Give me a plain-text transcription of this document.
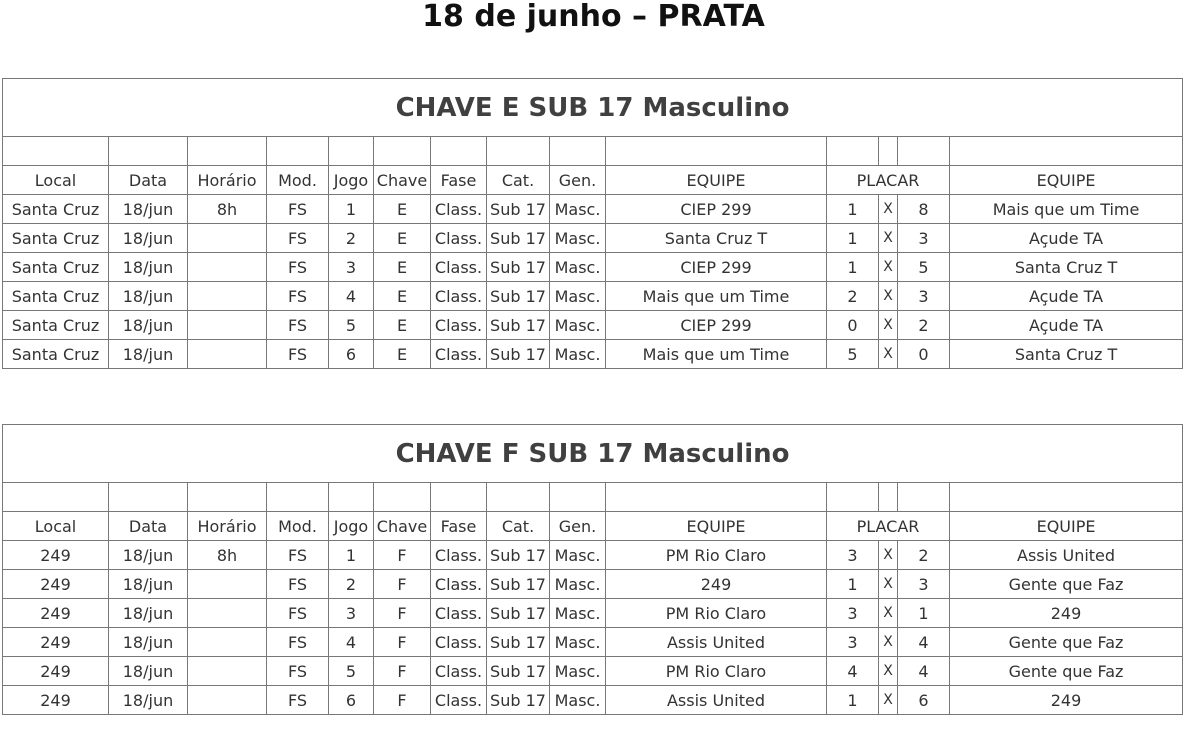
18 de junho – PRATA
CHAVE E SUB 17 Masculino													

Local	Data	Horário	Mod.	Jogo	Chave	Fase	Cat.	Gen.	EQUIPE	PLACAR			EQUIPE
Santa Cruz	18/jun	8h	FS	1	E	Class.	Sub 17	Masc.	CIEP 299	1	X	8	Mais que um Time
Santa Cruz	18/jun		FS	2	E	Class.	Sub 17	Masc.	Santa Cruz T	1	X	3	Açude TA
Santa Cruz	18/jun		FS	3	E	Class.	Sub 17	Masc.	CIEP 299	1	X	5	Santa Cruz T
Santa Cruz	18/jun		FS	4	E	Class.	Sub 17	Masc.	Mais que um Time	2	X	3	Açude TA
Santa Cruz	18/jun		FS	5	E	Class.	Sub 17	Masc.	CIEP 299	0	X	2	Açude TA
Santa Cruz	18/jun		FS	6	E	Class.	Sub 17	Masc.	Mais que um Time	5	X	0	Santa Cruz T
CHAVE F SUB 17 Masculino													

Local	Data	Horário	Mod.	Jogo	Chave	Fase	Cat.	Gen.	EQUIPE	PLACAR			EQUIPE
249	18/jun	8h	FS	1	F	Class.	Sub 17	Masc.	PM Rio Claro	3	X	2	Assis United
249	18/jun		FS	2	F	Class.	Sub 17	Masc.	249	1	X	3	Gente que Faz
249	18/jun		FS	3	F	Class.	Sub 17	Masc.	PM Rio Claro	3	X	1	249
249	18/jun		FS	4	F	Class.	Sub 17	Masc.	Assis United	3	X	4	Gente que Faz
249	18/jun		FS	5	F	Class.	Sub 17	Masc.	PM Rio Claro	4	X	4	Gente que Faz
249	18/jun		FS	6	F	Class.	Sub 17	Masc.	Assis United	1	X	6	249
